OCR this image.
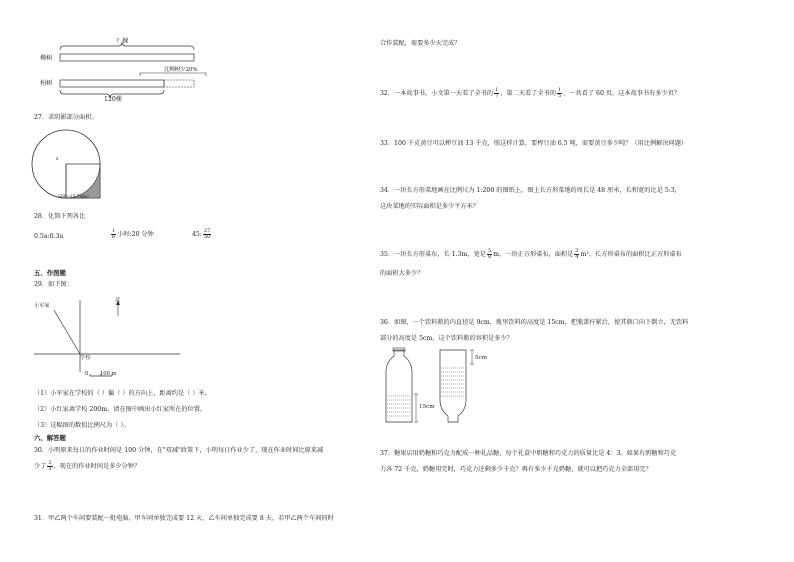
？棵
柳树
柏树
比柳树少20%
120棵
27．求阴影部分面积。
s
S圆=15.7dm²
28．化简下列各比
0.5a:0.3a	$\frac{1}{6}$ 小时:20 分钟	45: $\frac{27}{50}$
五、作图题
29．如下图：
小军家
北
学校
0 100 m
（1）小军家在学校的（ ）偏（ ）的方向上，距离约是（ ）米。
（2）小红家离学校 200m，请在图中画出小红家所在的位置。
（3）这幅图的数值比例尺为（ ）。
六、解答题
30．小明原来每日的作业时间是 100 分钟，在"双减"政策下，小明每日作业少了，现在作业时间比原来减
少了 $\frac{2}{5}$ ，现在的作业时间是多少分钟？
31．甲乙两个车间要装配一批电脑，甲车间单独完成要 12 天，乙车间单独完成要 8 天。若甲乙两个车间同时
合作装配，需要多少天完成？
32．一本故事书，小文第一天看了全书的 $\frac{1}{7}$ ，第二天看了全书的 $\frac{1}{5}$ ，一共看了 60 页，这本故事书有多少页？
33．100 千克黄豆可以榨豆油 13 千克，照这样计算，要榨豆油 6.5 吨，需要黄豆多少吨？（用比例解决问题）
34．一块长方形菜地画在比例尺为 1:200 的图纸上，图上长方形菜地的周长是 48 厘米，长和宽的比是 5:3，
这块菜地的实际面积是多少平方米？
35．一块长方形桌布，长 1.3m，宽是 $\frac{5}{8}$ m，一块正方形桌布，面积是 $\frac{3}{4} m^2$。长方形桌布的面积比正方形桌布
的面积大多少？
36．如图，一个饮料瓶的内直径是 9cm，瓶里饮料的高度是 15cm，把瓶盖拧紧后，使其瓶口向下倒立，无饮料
部分的高度是 5cm，这个饮料瓶的容积是多少？
15cm
5cm
37．糖果店用奶糖和巧克力配成一种礼品糖，每个礼盒中奶糖和巧克力的质量比是 4：3。如果有奶糖和巧克
力各 72 千克，奶糖用完时，巧克力还剩多少千克？再有多少千克奶糖，就可以把巧克力全部用完？
